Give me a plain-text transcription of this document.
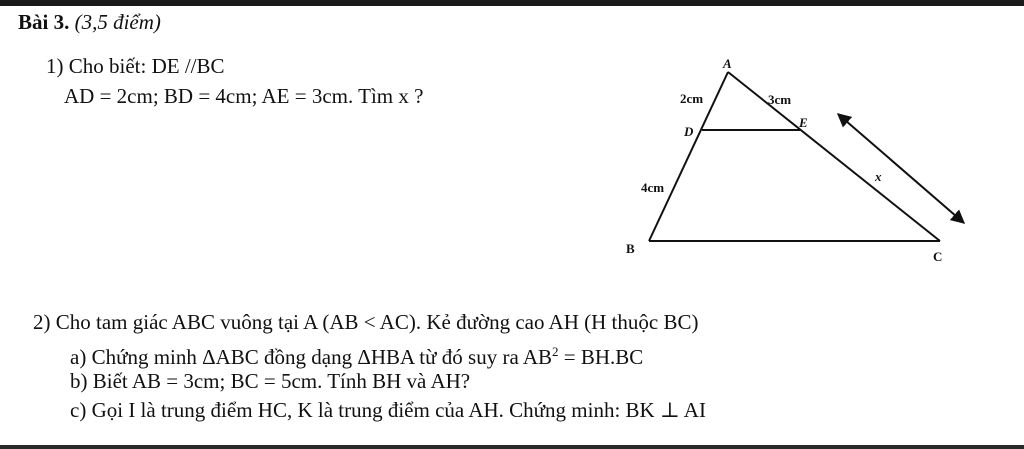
Bài 3. (3,5 điểm)
1) Cho biết: DE //BC
AD = 2cm; BD = 4cm; AE = 3cm. Tìm x ?
A
2cm	3cm
D
E
4cm
x
B
C
2) Cho tam giác ABC vuông tại A (AB < AC). Kẻ đường cao AH (H thuộc BC)
a) Chứng minh ΔABC đồng dạng ΔHBA từ đó suy ra $AB^2 = BH.BC$
b) Biết AB = 3cm; BC = 5cm. Tính BH và AH?
c) Gọi I là trung điểm HC, K là trung điểm của AH. Chứng minh: BK ⊥ AI
